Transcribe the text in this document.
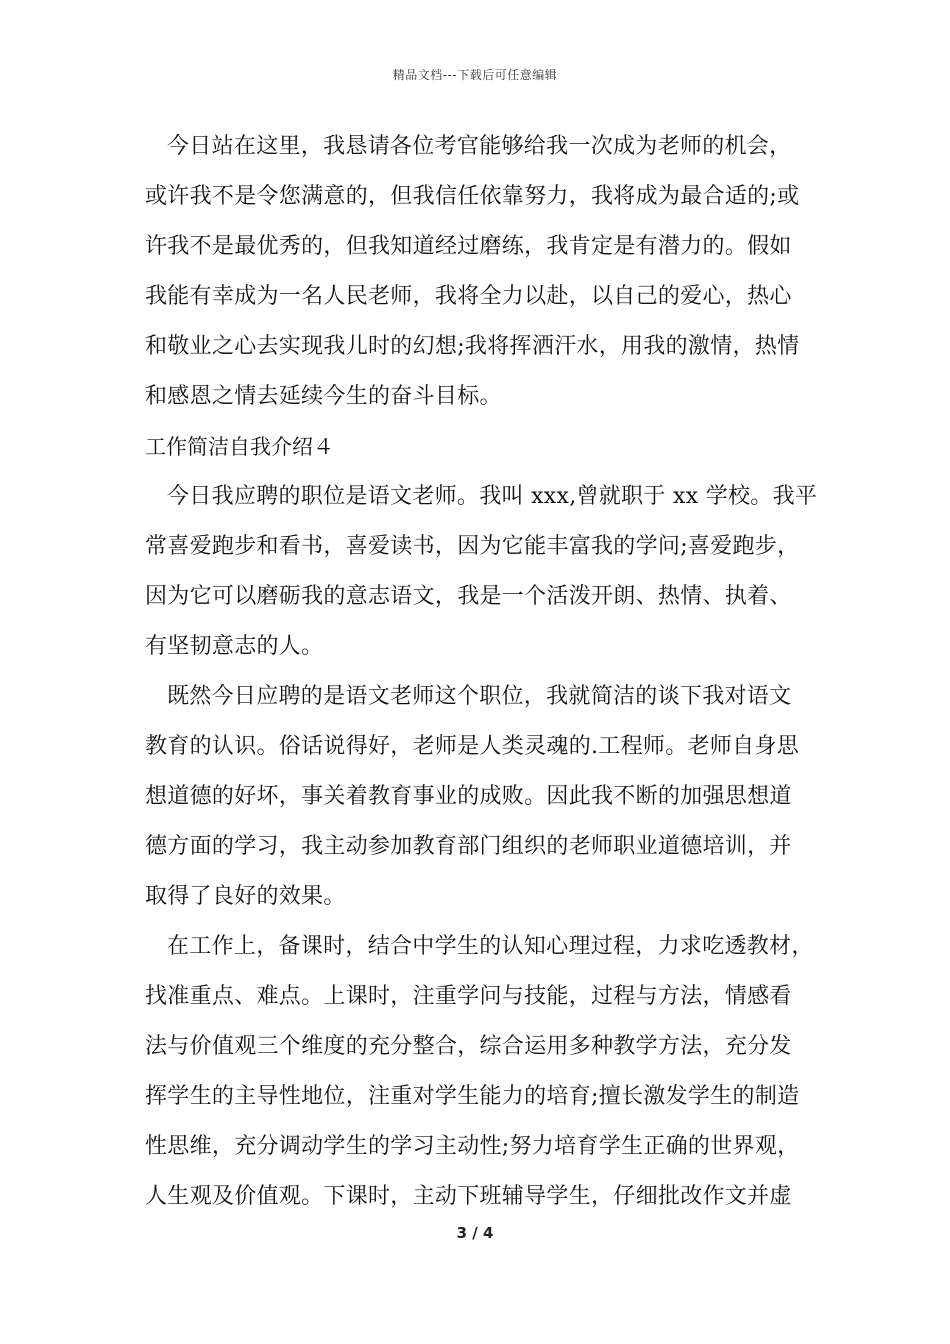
精品文档---下载后可任意编辑
今日站在这里，我恳请各位考官能够给我一次成为老师的机会，
或许我不是令您满意的，但我信任依靠努力，我将成为最合适的;或
许我不是最优秀的，但我知道经过磨练，我肯定是有潜力的。假如
我能有幸成为一名人民老师，我将全力以赴，以自己的爱心，热心
和敬业之心去实现我儿时的幻想;我将挥洒汗水，用我的激情，热情
和感恩之情去延续今生的奋斗目标。
工作简洁自我介绍４
今日我应聘的职位是语文老师。我叫 xxx,曾就职于 xx 学校。我平
常喜爱跑步和看书，喜爱读书，因为它能丰富我的学问;喜爱跑步，
因为它可以磨砺我的意志语文，我是一个活泼开朗、热情、执着、
有坚韧意志的人。
既然今日应聘的是语文老师这个职位，我就简洁的谈下我对语文
教育的认识。俗话说得好，老师是人类灵魂的.工程师。老师自身思
想道德的好坏，事关着教育事业的成败。因此我不断的加强思想道
德方面的学习，我主动参加教育部门组织的老师职业道德培训，并
取得了良好的效果。
在工作上，备课时，结合中学生的认知心理过程，力求吃透教材，
找准重点、难点。上课时，注重学问与技能，过程与方法，情感看
法与价值观三个维度的充分整合，综合运用多种教学方法，充分发
挥学生的主导性地位，注重对学生能力的培育;擅长激发学生的制造
性思维，充分调动学生的学习主动性;努力培育学生正确的世界观，
人生观及价值观。下课时，主动下班辅导学生，仔细批改作文并虚
3 / 4
